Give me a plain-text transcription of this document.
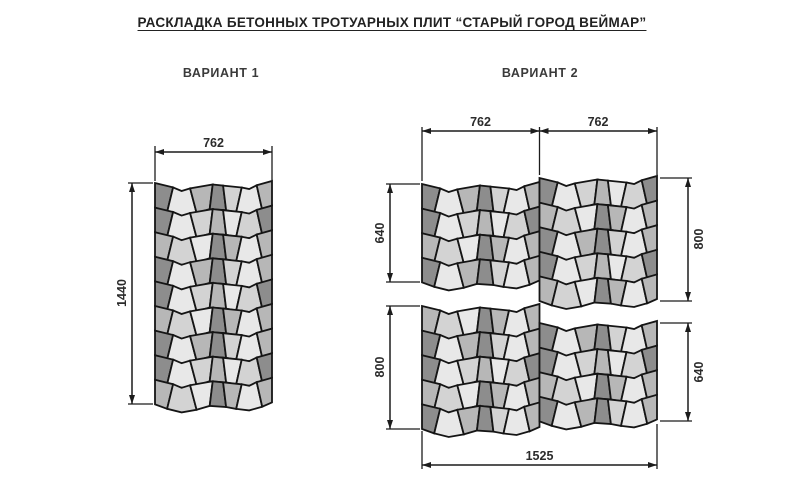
РАСКЛАДКА БЕТОННЫХ ТРОТУАРНЫХ ПЛИТ “СТАРЫЙ ГОРОД ВЕЙМАР”
ВАРИАНТ 1	ВАРИАНТ 2
762
1440
762	762
640	800
800	640
1525
